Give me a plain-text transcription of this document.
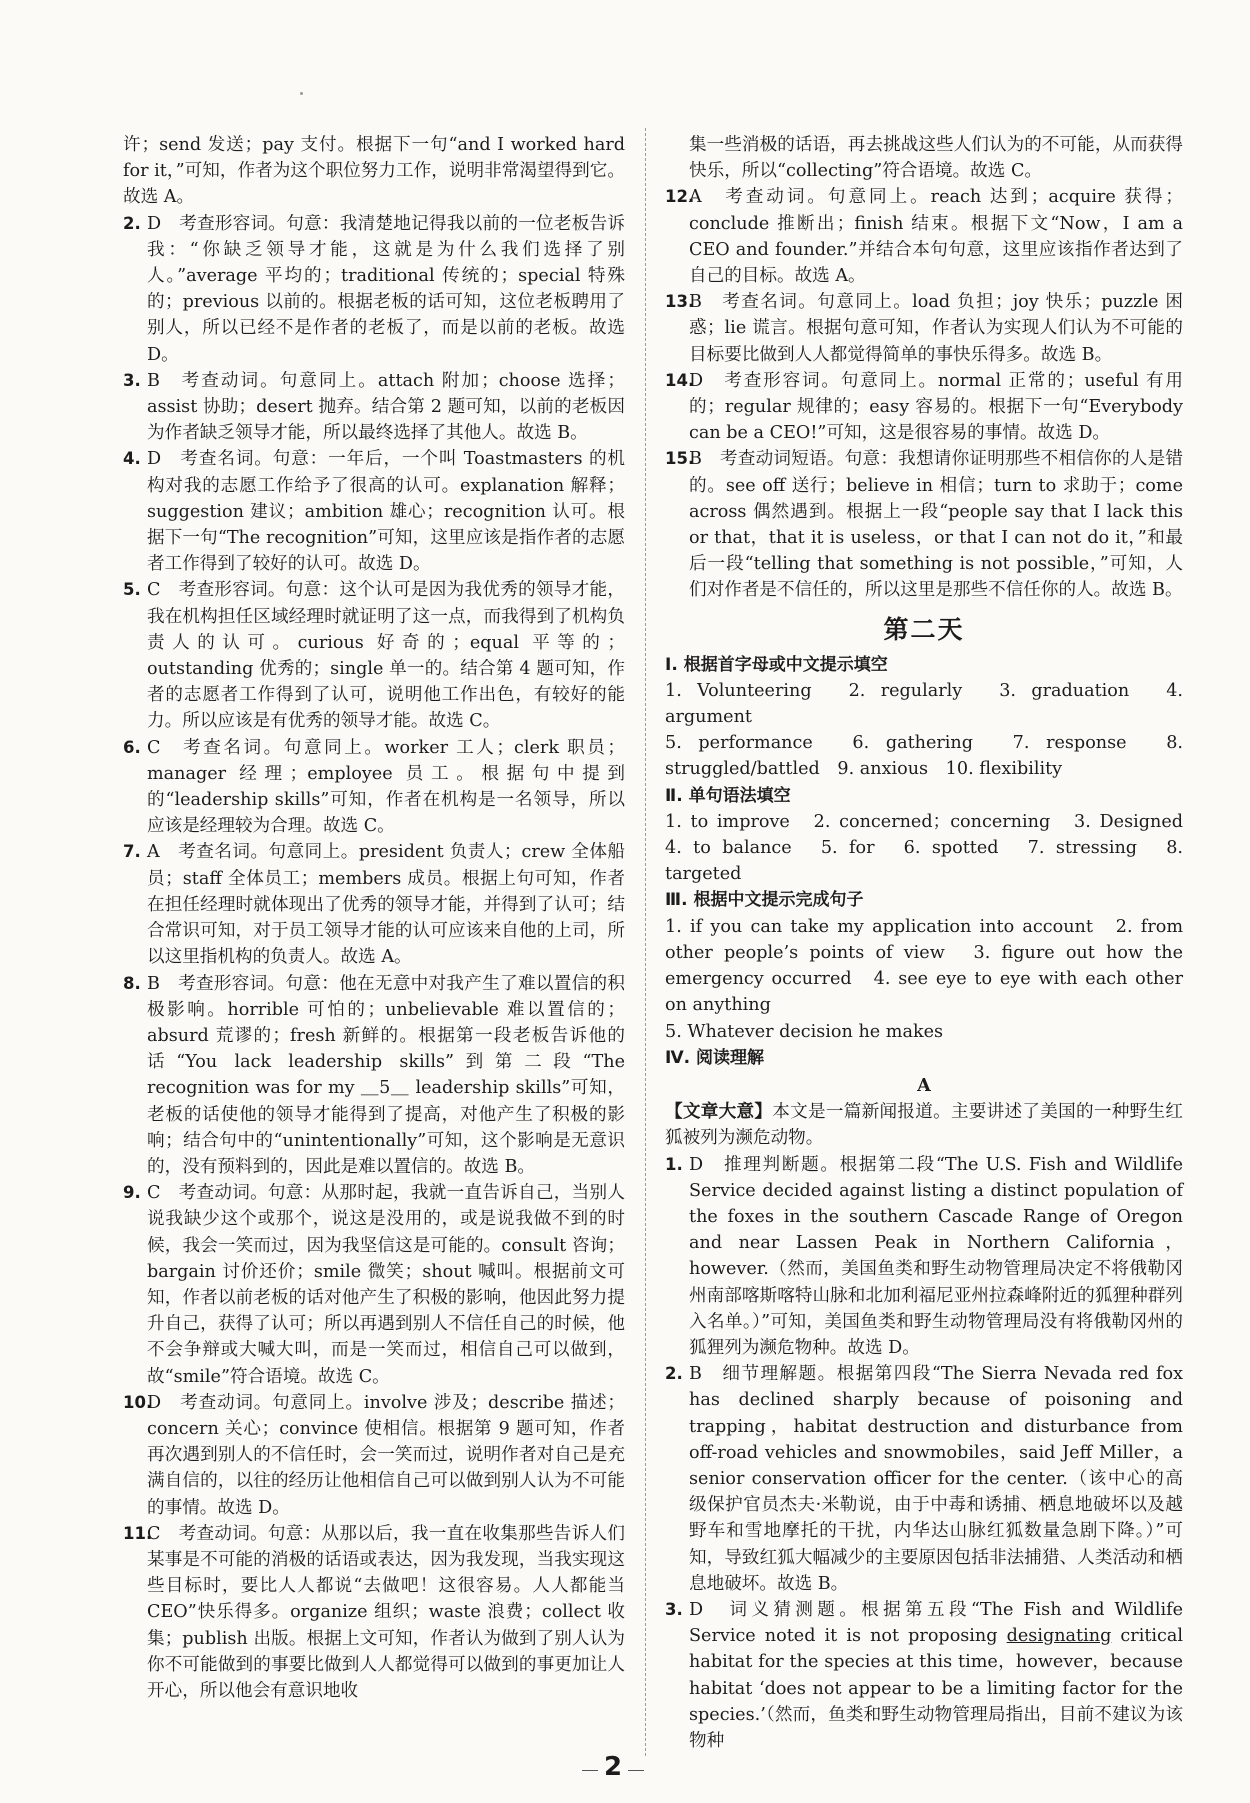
许；send 发送；pay 支付。根据下一句“and I worked hard for it，”可知，作者为这个职位努力工作，说明非常渴望得到它。故选 A。

2. D　考查形容词。句意：我清楚地记得我以前的一位老板告诉我：“你缺乏领导才能，这就是为什么我们选择了别人。”average 平均的；traditional 传统的；special 特殊的；previous 以前的。根据老板的话可知，这位老板聘用了别人，所以已经不是作者的老板了，而是以前的老板。故选 D。

3. B　考查动词。句意同上。attach 附加；choose 选择；assist 协助；desert 抛弃。结合第 2 题可知，以前的老板因为作者缺乏领导才能，所以最终选择了其他人。故选 B。

4. D　考查名词。句意：一年后，一个叫 Toastmasters 的机构对我的志愿工作给予了很高的认可。explanation 解释；suggestion 建议；ambition 雄心；recognition 认可。根据下一句“The recognition”可知，这里应该是指作者的志愿者工作得到了较好的认可。故选 D。

5. C　考查形容词。句意：这个认可是因为我优秀的领导才能，我在机构担任区域经理时就证明了这一点，而我得到了机构负责人的认可。curious 好奇的；equal 平等的；outstanding 优秀的；single 单一的。结合第 4 题可知，作者的志愿者工作得到了认可，说明他工作出色，有较好的能力。所以应该是有优秀的领导才能。故选 C。

6. C　考查名词。句意同上。worker 工人；clerk 职员；manager 经理；employee 员工。根据句中提到的“leadership skills”可知，作者在机构是一名领导，所以应该是经理较为合理。故选 C。

7. A　考查名词。句意同上。president 负责人；crew 全体船员；staff 全体员工；members 成员。根据上句可知，作者在担任经理时就体现出了优秀的领导才能，并得到了认可；结合常识可知，对于员工领导才能的认可应该来自他的上司，所以这里指机构的负责人。故选 A。

8. B　考查形容词。句意：他在无意中对我产生了难以置信的积极影响。horrible 可怕的；unbelievable 难以置信的；absurd 荒谬的；fresh 新鲜的。根据第一段老板告诉他的话“You lack leadership skills”到第二段“The recognition was for my ＿5＿ leadership skills”可知，老板的话使他的领导才能得到了提高，对他产生了积极的影响；结合句中的“unintentionally”可知，这个影响是无意识的，没有预料到的，因此是难以置信的。故选 B。

9. C　考查动词。句意：从那时起，我就一直告诉自己，当别人说我缺少这个或那个，说这是没用的，或是说我做不到的时候，我会一笑而过，因为我坚信这是可能的。consult 咨询；bargain 讨价还价；smile 微笑；shout 喊叫。根据前文可知，作者以前老板的话对他产生了积极的影响，他因此努力提升自己，获得了认可；所以再遇到别人不信任自己的时候，他不会争辩或大喊大叫，而是一笑而过，相信自己可以做到，故“smile”符合语境。故选 C。

10.
D　考查动词。句意同上。involve 涉及；describe 描述；concern 关心；convince 使相信。根据第 9 题可知，作者再次遇到别人的不信任时，会一笑而过，说明作者对自己是充满自信的，以往的经历让他相信自己可以做到别人认为不可能的事情。故选 D。

11.
C　考查动词。句意：从那以后，我一直在收集那些告诉人们某事是不可能的消极的话语或表达，因为我发现，当我实现这些目标时，要比人人都说“去做吧！这很容易。人人都能当 CEO”快乐得多。organize 组织；waste 浪费；collect 收集；publish 出版。根据上文可知，作者认为做到了别人认为你不可能做到的事要比做到人人都觉得可以做到的事更加让人开心，所以他会有意识地收

集一些消极的话语，再去挑战这些人们认为的不可能，从而获得快乐，所以“collecting”符合语境。故选 C。

12.
A　考查动词。句意同上。reach 达到；acquire 获得；conclude 推断出；finish 结束。根据下文“Now，I am a CEO and founder.”并结合本句句意，这里应该指作者达到了自己的目标。故选 A。

13.
B　考查名词。句意同上。load 负担；joy 快乐；puzzle 困惑；lie 谎言。根据句意可知，作者认为实现人们认为不可能的目标要比做到人人都觉得简单的事快乐得多。故选 B。

14.
D　考查形容词。句意同上。normal 正常的；useful 有用的；regular 规律的；easy 容易的。根据下一句“Everybody can be a CEO!”可知，这是很容易的事情。故选 D。

15.
B　考查动词短语。句意：我想请你证明那些不相信你的人是错的。see off 送行；believe in 相信；turn to 求助于；come across 偶然遇到。根据上一段“people say that I lack this or that，that it is useless，or that I can not do it，”和最后一段“telling that something is not possible，”可知，人们对作者是不信任的，所以这里是那些不信任你的人。故选 B。

第二天

Ⅰ. 根据首字母或中文提示填空

1. Volunteering　2. regularly　3. graduation　4. argument

5. performance　6. gathering　7. response　8. struggled/battled　9. anxious　10. flexibility

Ⅱ. 单句语法填空

1. to improve　2. concerned；concerning　3. Designed　4. to balance　5. for　6. spotted　7. stressing　8. targeted

Ⅲ. 根据中文提示完成句子

1. if you can take my application into account　2. from other people’s points of view　3. figure out how the emergency occurred　4. see eye to eye with each other on anything

5. Whatever decision he makes

Ⅳ. 阅读理解

A

【文章大意】本文是一篇新闻报道。主要讲述了美国的一种野生红狐被列为濒危动物。

1. D　推理判断题。根据第二段“The U.S. Fish and Wildlife Service decided against listing a distinct population of the foxes in the southern Cascade Range of Oregon and near Lassen Peak in Northern California，however.（然而，美国鱼类和野生动物管理局决定不将俄勒冈州南部喀斯喀特山脉和北加利福尼亚州拉森峰附近的狐狸种群列入名单。）”可知，美国鱼类和野生动物管理局没有将俄勒冈州的狐狸列为濒危物种。故选 D。

2. B　细节理解题。根据第四段“The Sierra Nevada red fox has declined sharply because of poisoning and trapping，habitat destruction and disturbance from off-road vehicles and snowmobiles，said Jeff Miller，a senior conservation officer for the center.（该中心的高级保护官员杰夫·米勒说，由于中毒和诱捕、栖息地破坏以及越野车和雪地摩托的干扰，内华达山脉红狐数量急剧下降。）”可知，导致红狐大幅减少的主要原因包括非法捕猎、人类活动和栖息地破坏。故选 B。

3. D　词义猜测题。根据第五段“The Fish and Wildlife Service noted it is not proposing designating critical habitat for the species at this time，however，because habitat ‘does not appear to be a limiting factor for the species.’（然而，鱼类和野生动物管理局指出，目前不建议为该物种

2
